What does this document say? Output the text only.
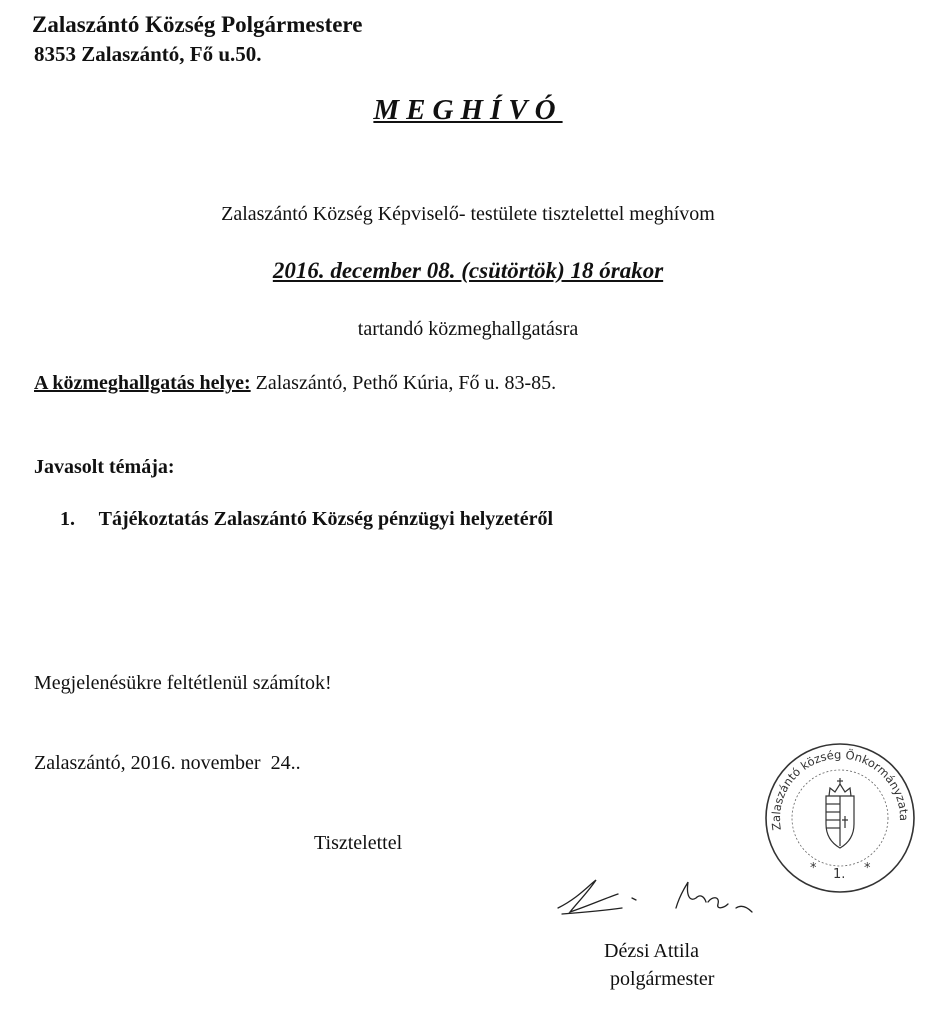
Zalaszántó Község Polgármestere
8353 Zalaszántó, Fő u.50.
MEGHÍVÓ
Zalaszántó Község Képviselő- testülete tisztelettel meghívom
2016. december 08. (csütörtök) 18 órakor
tartandó közmeghallgatásra
A közmeghallgatás helye: Zalaszántó, Pethő Kúria, Fő u. 83-85.
Javasolt témája:
1. Tájékoztatás Zalaszántó Község pénzügyi helyzetéről
Megjelenésükre feltétlenül számítok!
Zalaszántó, 2016. november  24..
Tisztelettel
Zalaszántó község Önkormányzata
*	*
1.
Dézsi Attila
polgármester
